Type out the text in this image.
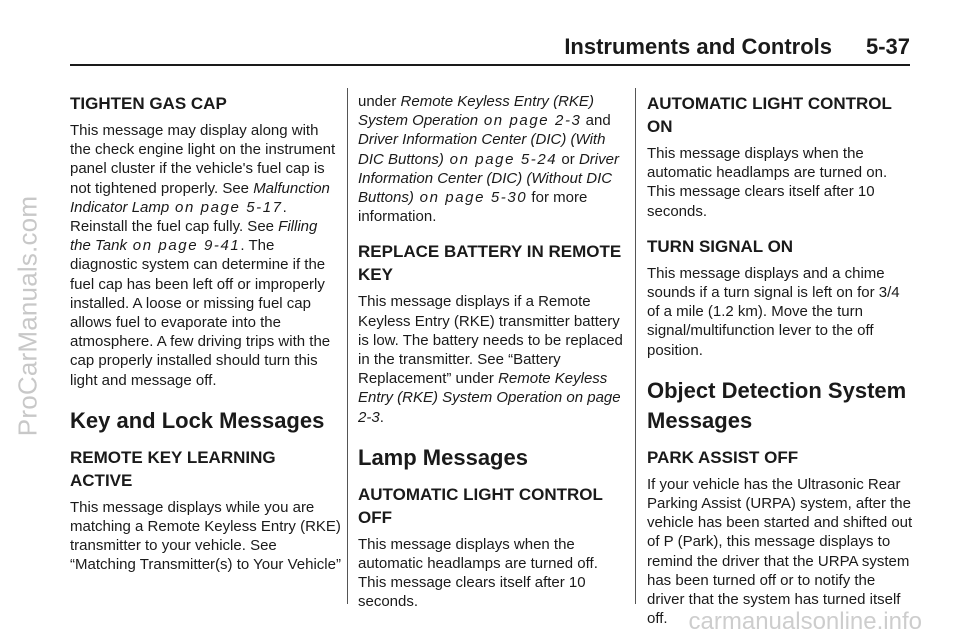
ProCarManuals.com
Instruments and Controls 5-37
TIGHTEN GAS CAP

This message may display along with the check engine light on the instrument panel cluster if the vehicle's fuel cap is not tightened properly. See Malfunction Indicator Lamp on page 5-17. Reinstall the fuel cap fully. See Filling the Tank on page 9-41. The diagnostic system can determine if the fuel cap has been left off or improperly installed. A loose or missing fuel cap allows fuel to evaporate into the atmosphere. A few driving trips with the cap properly installed should turn this light and message off.

Key and Lock Messages
REMOTE KEY LEARNING ACTIVE

This message displays while you are matching a Remote Keyless Entry (RKE) transmitter to your vehicle. See “Matching Transmitter(s) to Your Vehicle”

under Remote Keyless Entry (RKE) System Operation on page 2-3 and Driver Information Center (DIC) (With DIC Buttons) on page 5-24 or Driver Information Center (DIC) (Without DIC Buttons) on page 5-30 for more information.

REPLACE BATTERY IN REMOTE KEY

This message displays if a Remote Keyless Entry (RKE) transmitter battery is low. The battery needs to be replaced in the transmitter. See “Battery Replacement” under Remote Keyless Entry (RKE) System Operation on page 2-3.

Lamp Messages
AUTOMATIC LIGHT CONTROL OFF

This message displays when the automatic headlamps are turned off. This message clears itself after 10 seconds.

AUTOMATIC LIGHT CONTROL ON

This message displays when the automatic headlamps are turned on. This message clears itself after 10 seconds.

TURN SIGNAL ON

This message displays and a chime sounds if a turn signal is left on for 3/4 of a mile (1.2 km). Move the turn signal/multifunction lever to the off position.

Object Detection System Messages
PARK ASSIST OFF

If your vehicle has the Ultrasonic Rear Parking Assist (URPA) system, after the vehicle has been started and shifted out of P (Park), this message displays to remind the driver that the URPA system has been turned off or to notify the driver that the system has turned itself off. carmanualsonline.info
